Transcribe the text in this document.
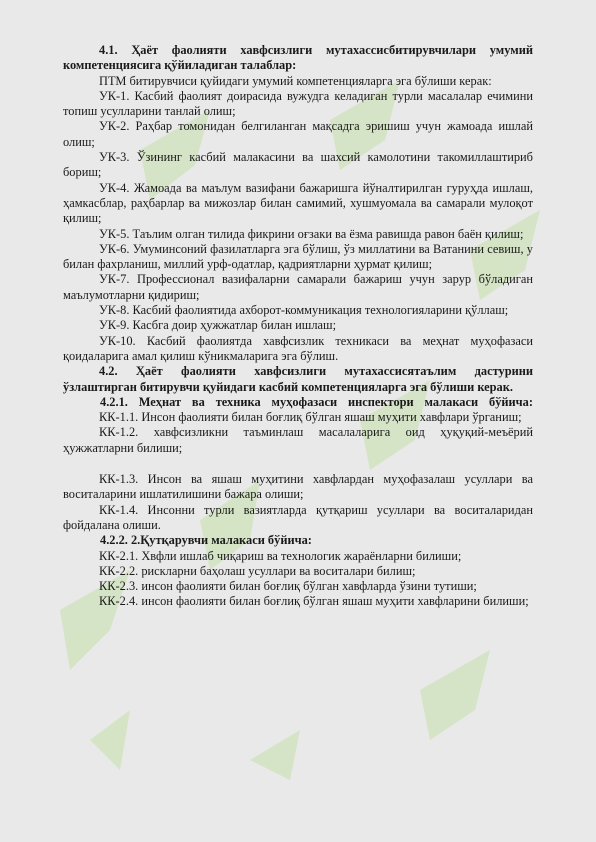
4.1. Ҳаёт фаолияти хавфсизлиги мутахассисбитирувчилари умумий компетенциясига қўйиладиган талаблар:

ПТМ битирувчиси қуйидаги умумий компетенцияларга эга бўлиши керак:

УК-1. Касбий фаолият доирасида вужудга келадиган турли масалалар ечимини топиш усулларини танлай олиш;

УК-2. Раҳбар томонидан белгиланган мақсадга эришиш учун жамоада ишлай олиш;

УК-3. Ўзининг касбий малакасини ва шахсий камолотини такомиллаштириб бориш;

УК-4. Жамоада ва маълум вазифани бажаришга йўналтирилган гуруҳда ишлаш, ҳамкасблар, раҳбарлар ва мижозлар билан самимий, хушмуомала ва самарали мулоқот қилиш;

УК-5. Таълим олган тилида фикрини оғзаки ва ёзма равишда равон баён қилиш;

УК-6. Умуминсоний фазилатларга эга бўлиш, ўз миллатини ва Ватанини севиш, у билан фахрланиш, миллий урф-одатлар, қадриятларни ҳурмат қилиш;

УК-7. Профессионал вазифаларни самарали бажариш учун зарур бўладиган маълумотларни қидириш;

УК-8. Касбий фаолиятида ахборот-коммуникация технологияларини қўллаш;

УК-9. Касбга доир ҳужжатлар билан ишлаш;

УК-10. Касбий фаолиятда хавфсизлик техникаси ва меҳнат муҳофазаси қоидаларига амал қилиш кўникмаларига эга бўлиш.

4.2. Ҳаёт фаолияти хавфсизлиги мутахассисятаълим дастурини ўзлаштирган битирувчи қуйидаги касбий компетенцияларга эга бўлиши керак.

4.2.1. Меҳнат ва техника муҳофазаси инспектори малакаси бўйича:

КК-1.1. Инсон фаолияти билан боғлиқ бўлган яшаш муҳити хавфлари ўрганиш;

КК-1.2. хавфсизликни таъминлаш масалаларига оид ҳуқуқий-меъёрий ҳужжатларни билиши;

КК-1.3. Инсон ва яшаш муҳитини хавфлардан муҳофазалаш усуллари ва воситаларини ишлатилишини бажара олиши;

КК-1.4. Инсонни турли вазиятларда қутқариш усуллари ва воситаларидан фойдалана олиши.

4.2.2. 2.Қутқарувчи малакаси бўйича:

КК-2.1. Хвфли ишлаб чиқариш ва технологик жараёнларни билиши;

КК-2.2. рискларни баҳолаш усуллари ва воситалари билиш;

КК-2.3. инсон фаолияти билан боғлиқ бўлган хавфларда ўзини тутиши;

КК-2.4. инсон фаолияти билан боғлиқ бўлган яшаш муҳити хавфларини билиши;
